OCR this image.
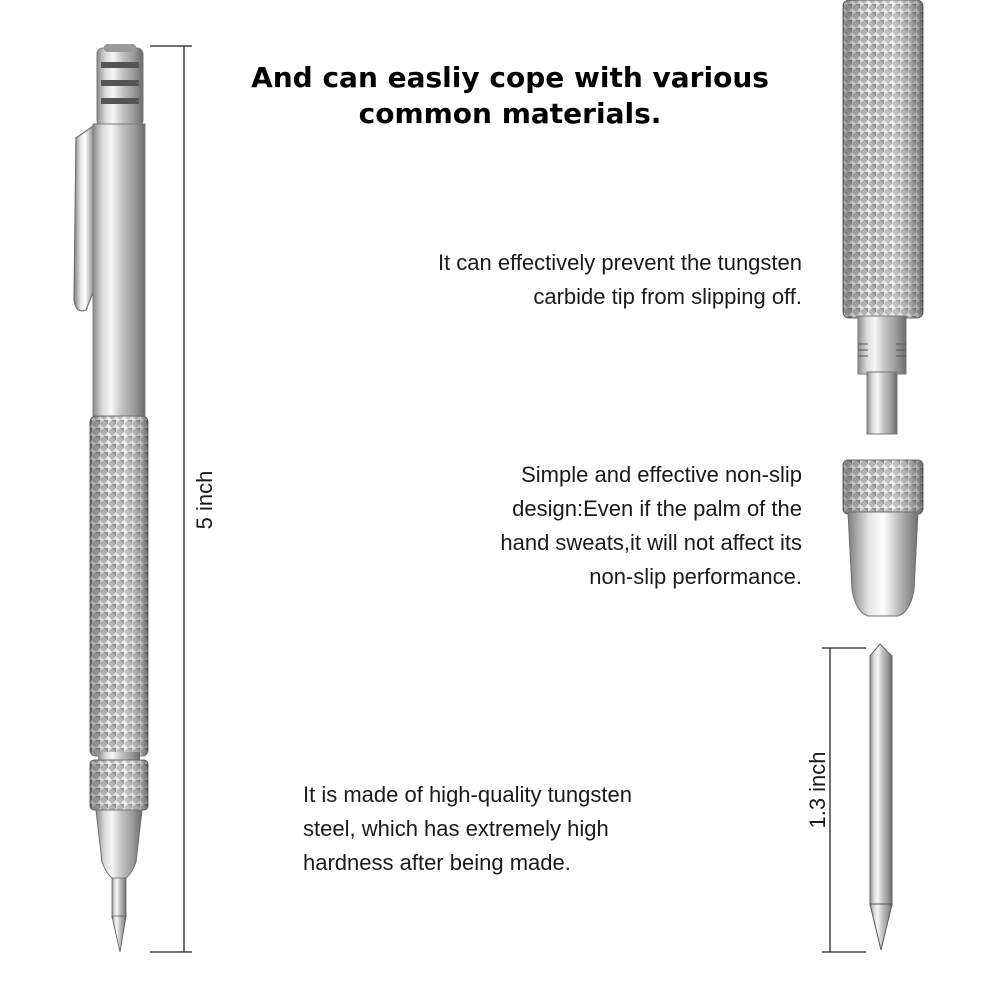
And can easliy cope with various
common materials.
It can effectively prevent the tungsten
carbide tip from slipping off.
Simple and effective non-slip
design:Even if the palm of the
hand sweats,it will not affect its
non-slip performance.
It is made of high-quality tungsten
steel, which has extremely high
hardness after being made.
5 inch
1.3 inch
